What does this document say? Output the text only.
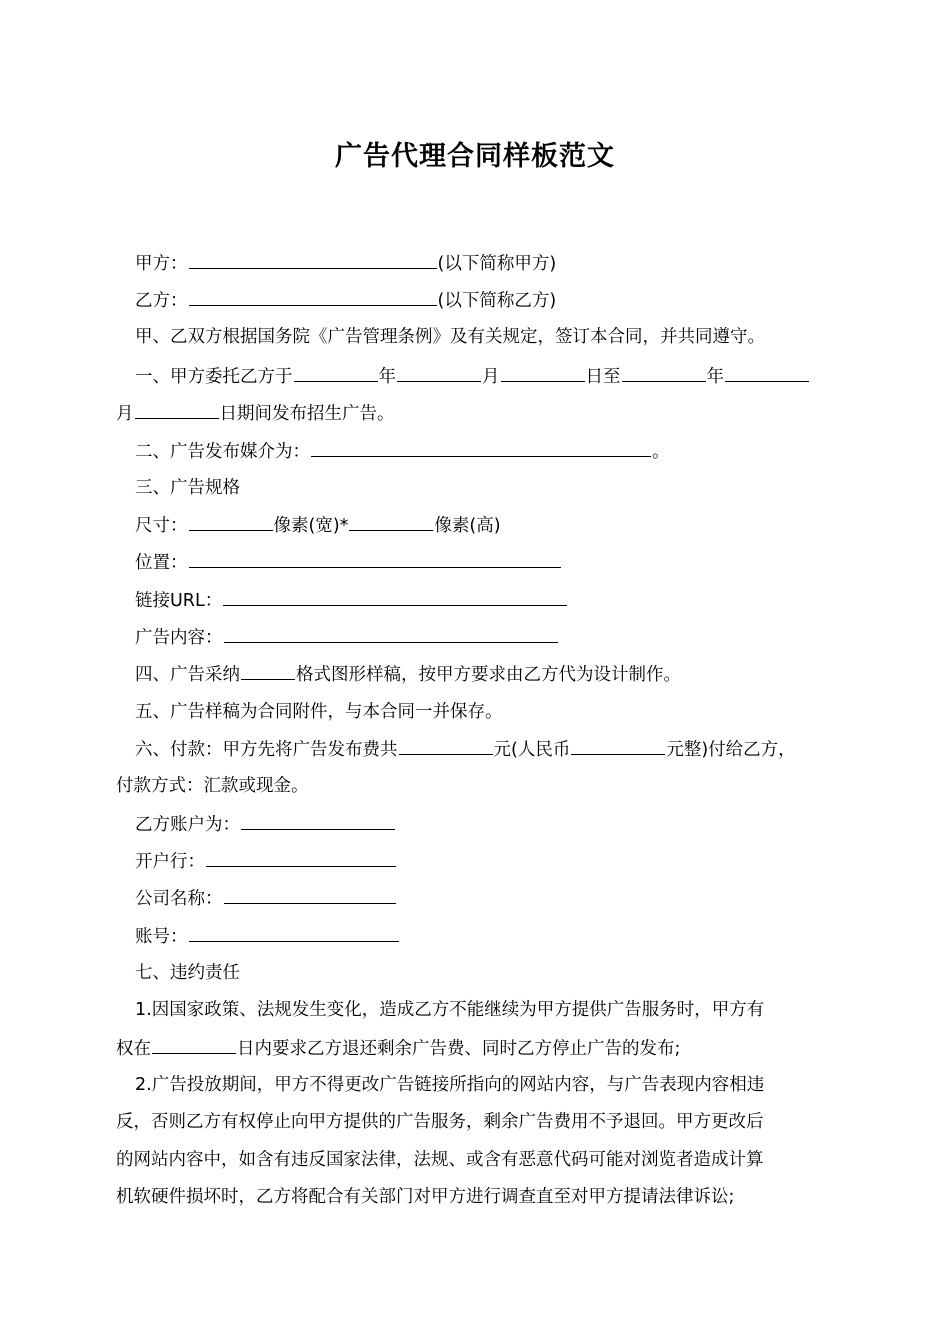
广告代理合同样板范文
甲方：	(以下简称甲方)
乙方：	(以下简称乙方)
甲、乙双方根据国务院《广告管理条例》及有关规定，签订本合同，并共同遵守。
一、甲方委托乙方于	年	月	日至	年
月	日期间发布招生广告。
二、广告发布媒介为：	。
三、广告规格
尺寸：	像素(宽)*	像素(高)
位置：
链接URL：
广告内容：
四、广告采纳	格式图形样稿，按甲方要求由乙方代为设计制作。
五、广告样稿为合同附件，与本合同一并保存。
六、付款：甲方先将广告发布费共	元(人民币	元整)付给乙方，
付款方式：汇款或现金。
乙方账户为：
开户行：
公司名称：
账号：
七、违约责任
1.因国家政策、法规发生变化，造成乙方不能继续为甲方提供广告服务时，甲方有
权在	日内要求乙方退还剩余广告费、同时乙方停止广告的发布;
2.广告投放期间，甲方不得更改广告链接所指向的网站内容，与广告表现内容相违
反，否则乙方有权停止向甲方提供的广告服务，剩余广告费用不予退回。甲方更改后
的网站内容中，如含有违反国家法律，法规、或含有恶意代码可能对浏览者造成计算
机软硬件损坏时，乙方将配合有关部门对甲方进行调查直至对甲方提请法律诉讼;
